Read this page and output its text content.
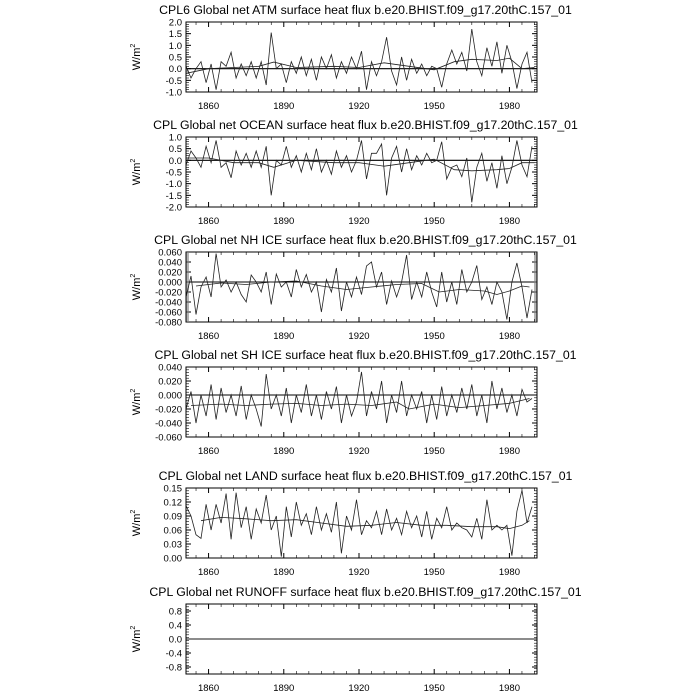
CPL6 Global net ATM surface heat flux b.e20.BHIST.f09_g17.20thC.157_01
$W/m^2$
-1.0
-0.5
0.0
0.5
1.0
1.5
2.0
1860	1890	1920	1950	1980
CPL Global net OCEAN surface heat flux b.e20.BHIST.f09_g17.20thC.157_01
$W/m^2$
-2.0
-1.5
-1.0
-0.5
0.0
0.5
1.0
1860	1890	1920	1950	1980
CPL Global net NH ICE surface heat flux b.e20.BHIST.f09_g17.20thC.157_01
$W/m^2$
-0.080
-0.060
-0.040
-0.020
0.000
0.020
0.040
0.060
1860	1890	1920	1950	1980
CPL Global net SH ICE surface heat flux b.e20.BHIST.f09_g17.20thC.157_01
$W/m^2$
-0.060
-0.040
-0.020
0.000
0.020
0.040
1860	1890	1920	1950	1980
CPL Global net LAND surface heat flux b.e20.BHIST.f09_g17.20thC.157_01
$W/m^2$
0.00
0.03
0.06
0.09
0.12
0.15
1860	1890	1920	1950	1980
CPL Global net RUNOFF surface heat flux b.e20.BHIST.f09_g17.20thC.157_01
$W/m^2$
-0.8
-0.4
0.0
0.4
0.8
1860	1890	1920	1950	1980
